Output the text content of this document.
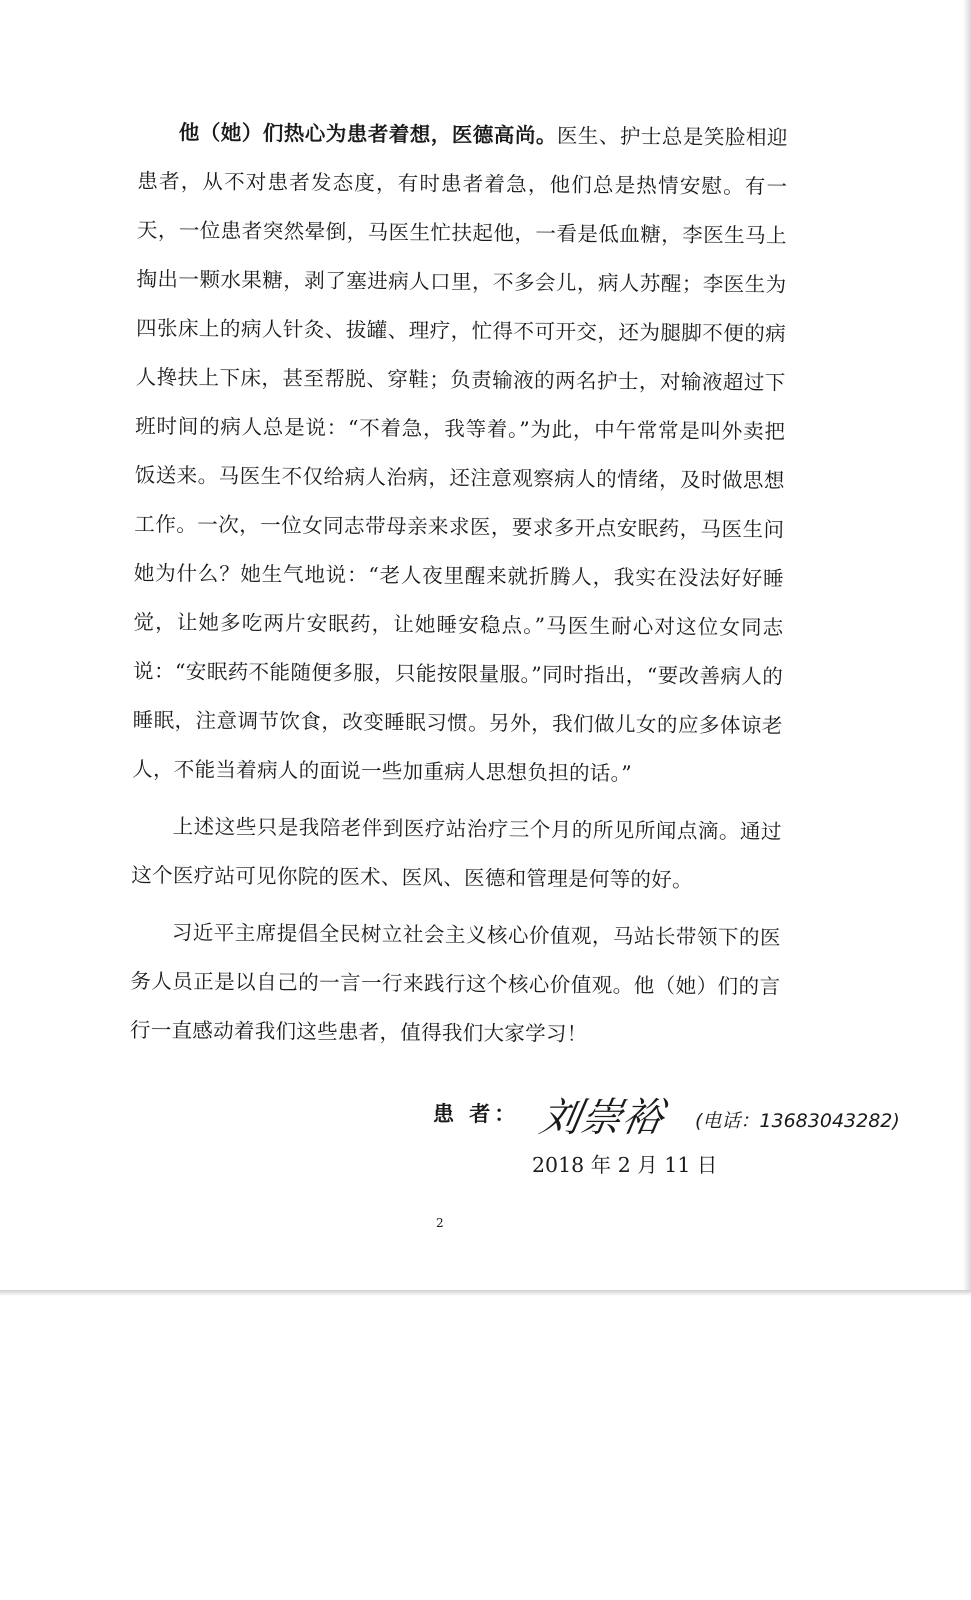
他（她）们热心为患者着想，医德高尚。医生、护士总是笑脸相迎患者，从不对患者发态度，有时患者着急，他们总是热情安慰。有一天，一位患者突然晕倒，马医生忙扶起他，一看是低血糖，李医生马上掏出一颗水果糖，剥了塞进病人口里，不多会儿，病人苏醒；李医生为四张床上的病人针灸、拔罐、理疗，忙得不可开交，还为腿脚不便的病人搀扶上下床，甚至帮脱、穿鞋；负责输液的两名护士，对输液超过下班时间的病人总是说：“不着急，我等着。”为此，中午常常是叫外卖把饭送来。马医生不仅给病人治病，还注意观察病人的情绪，及时做思想工作。一次，一位女同志带母亲来求医，要求多开点安眠药，马医生问她为什么？她生气地说：“老人夜里醒来就折腾人，我实在没法好好睡觉，让她多吃两片安眠药，让她睡安稳点。”马医生耐心对这位女同志说：“安眠药不能随便多服，只能按限量服。”同时指出，“要改善病人的睡眠，注意调节饮食，改变睡眠习惯。另外，我们做儿女的应多体谅老人，不能当着病人的面说一些加重病人思想负担的话。”

上述这些只是我陪老伴到医疗站治疗三个月的所见所闻点滴。通过这个医疗站可见你院的医术、医风、医德和管理是何等的好。

习近平主席提倡全民树立社会主义核心价值观，马站长带领下的医务人员正是以自己的一言一行来践行这个核心价值观。他（她）们的言行一直感动着我们这些患者，值得我们大家学习！

患 者： 刘崇裕 (电话：13683043282)
2018 年 2 月 11 日
2
